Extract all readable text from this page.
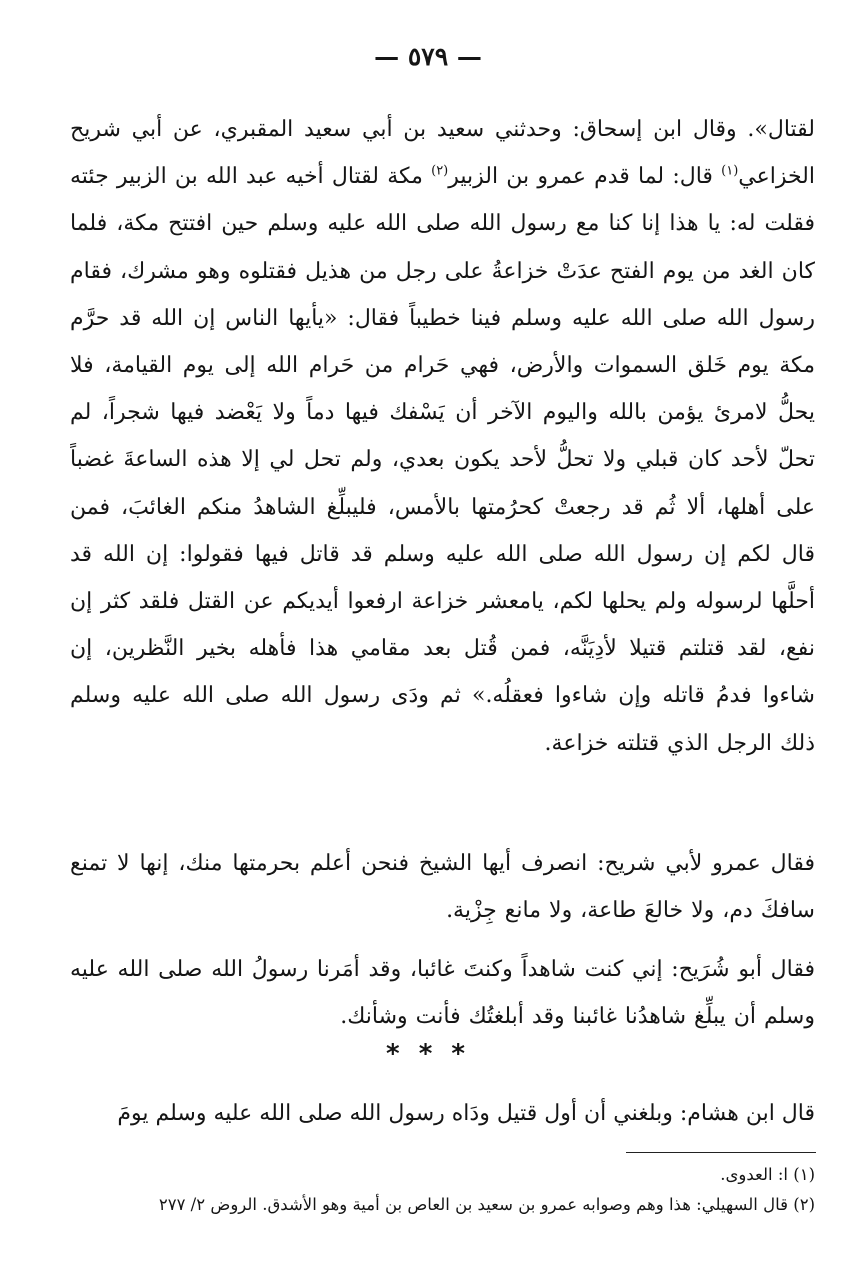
— ٥٧٩ —

لقتال». وقال ابن إسحاق: وحدثني سعيد بن أبي سعيد المقبري، عن أبي شريح الخزاعي$^{(١)}$ قال: لما قدم عمرو بن الزبير$^{(٢)}$ مكة لقتال أخيه عبد الله بن الزبير جئته فقلت له: يا هذا إنا كنا مع رسول الله صلى الله عليه وسلم حين افتتح مكة، فلما كان الغد من يوم الفتح عدَتْ خزاعةُ على رجل من هذيل فقتلوه وهو مشرك، فقام رسول الله صلى الله عليه وسلم فينا خطيباً فقال: «يأيها الناس إن الله قد حرَّم مكة يوم خَلق السموات والأرض، فهي حَرام من حَرام الله إلى يوم القيامة، فلا يحلُّ لامرئ يؤمن بالله واليوم الآخر أن يَسْفك فيها دماً ولا يَعْضد فيها شجراً، لم تحلّ لأحد كان قبلي ولا تحلُّ لأحد يكون بعدي، ولم تحل لي إلا هذه الساعةَ غضباً على أهلها، ألا ثُم قد رجعتْ كحرُمتها بالأمس، فليبلِّغ الشاهدُ منكم الغائبَ، فمن قال لكم إن رسول الله صلى الله عليه وسلم قد قاتل فيها فقولوا: إن الله قد أحلَّها لرسوله ولم يحلها لكم، يامعشر خزاعة ارفعوا أيديكم عن القتل فلقد كثر إن نفع، لقد قتلتم قتيلا لأدِيَنَّه، فمن قُتل بعد مقامي هذا فأهله بخير النَّظرين، إن شاءوا فدمُ قاتله وإن شاءوا فعقلُه.» ثم ودَى رسول الله صلى الله عليه وسلم ذلك الرجل الذي قتلته خزاعة.

فقال عمرو لأبي شريح: انصرف أيها الشيخ فنحن أعلم بحرمتها منك، إنها لا تمنع سافكَ دم، ولا خالعَ طاعة، ولا مانع جِزْية.

فقال أبو شُرَيح: إني كنت شاهداً وكنتَ غائبا، وقد أمَرنا رسولُ الله صلى الله عليه وسلم أن يبلِّغ شاهدُنا غائبنا وقد أبلغتُك فأنت وشأنك.

* * *

قال ابن هشام: وبلغني أن أول قتيل ودَاه رسول الله صلى الله عليه وسلم يومَ

(١) ا: العدوى.
(٢) قال السهيلي: هذا وهم وصوابه عمرو بن سعيد بن العاص بن أمية وهو الأشدق. الروض ٢/ ٢٧٧
